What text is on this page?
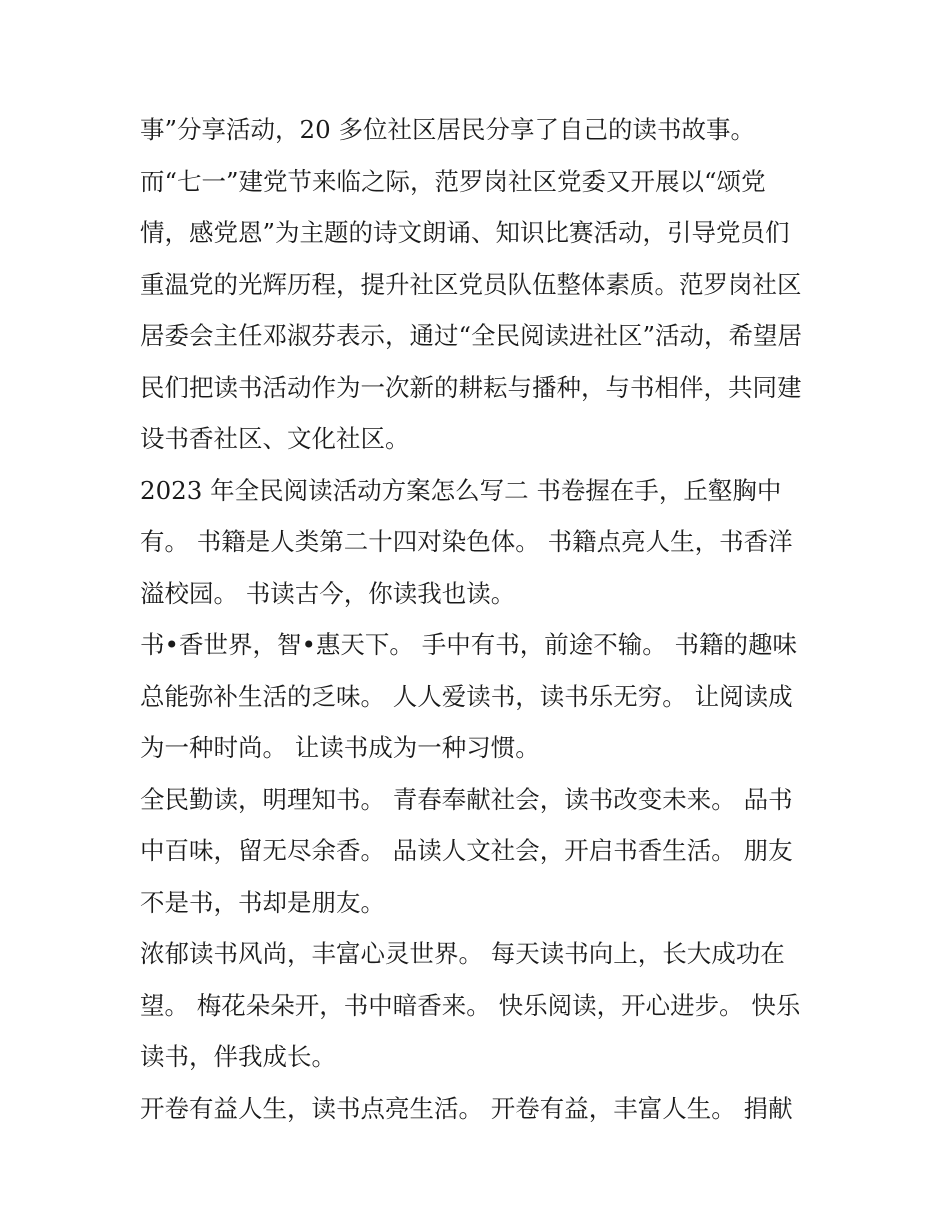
事”分享活动，20 多位社区居民分享了自己的读书故事。
而“七一”建党节来临之际，范罗岗社区党委又开展以“颂党
情，感党恩”为主题的诗文朗诵、知识比赛活动，引导党员们
重温党的光辉历程，提升社区党员队伍整体素质。范罗岗社区
居委会主任邓淑芬表示，通过“全民阅读进社区”活动，希望居
民们把读书活动作为一次新的耕耘与播种，与书相伴，共同建
设书香社区、文化社区。
2023 年全民阅读活动方案怎么写二 书卷握在手，丘壑胸中
有。 书籍是人类第二十四对染色体。 书籍点亮人生，书香洋
溢校园。 书读古今，你读我也读。
书•香世界，智•惠天下。 手中有书，前途不输。 书籍的趣味
总能弥补生活的乏味。 人人爱读书，读书乐无穷。 让阅读成
为一种时尚。 让读书成为一种习惯。
全民勤读，明理知书。 青春奉献社会，读书改变未来。 品书
中百味，留无尽余香。 品读人文社会，开启书香生活。 朋友
不是书，书却是朋友。
浓郁读书风尚，丰富心灵世界。 每天读书向上，长大成功在
望。 梅花朵朵开，书中暗香来。 快乐阅读，开心进步。 快乐
读书，伴我成长。
开卷有益人生，读书点亮生活。 开卷有益，丰富人生。 捐献
